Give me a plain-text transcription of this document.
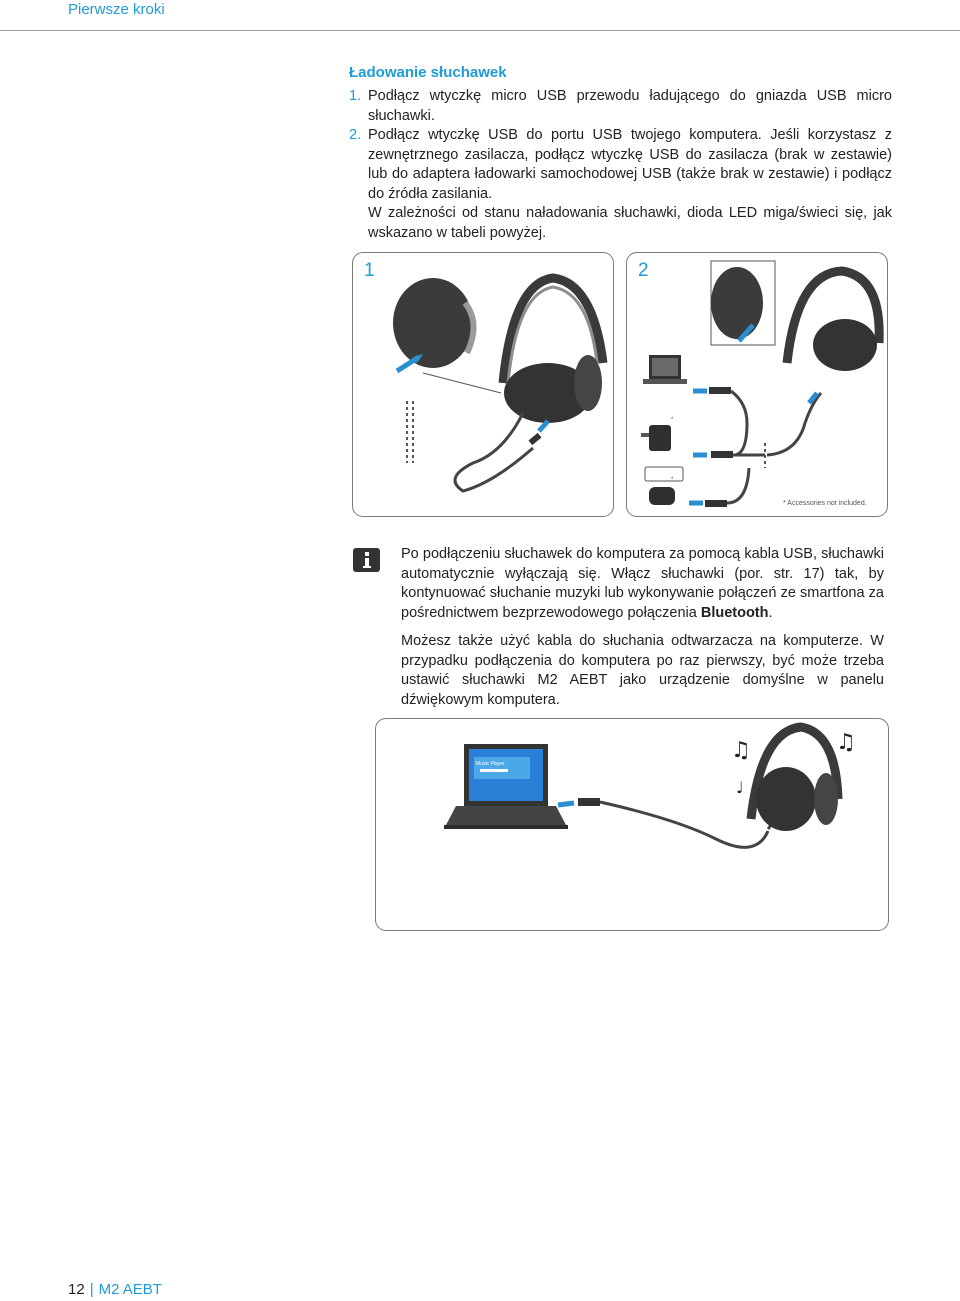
Pierwsze kroki
Ładowanie słuchawek
1. Podłącz wtyczkę micro USB przewodu ładującego do gniazda USB micro słuchawki.
2. Podłącz wtyczkę USB do portu USB twojego komputera. Jeśli korzystasz z zewnętrznego zasilacza, podłącz wtyczkę USB do zasilacza (brak w zestawie) lub do adaptera ładowarki samochodowej USB (także brak w zestawie) i podłącz do źródła zasilania.
W zależności od stanu naładowania słuchawki, dioda LED miga/świeci się, jak wskazano w tabeli powyżej.
1	2
* Accessories not included.
*
*
Po podłączeniu słuchawek do komputera za pomocą kabla USB, słuchawki automatycznie wyłączają się. Włącz słuchawki (por. str. 17) tak, by kontynuować słuchanie muzyki lub wykonywanie połączeń ze smartfona za pośrednictwem bezprzewodowego połączenia Bluetooth.
Możesz także użyć kabla do słuchania odtwarzacza na komputerze. W przypadku podłączenia do komputera po raz pierwszy, być może trzeba ustawić słuchawki M2 AEBT jako urządzenie domyślne w panelu dźwiękowym komputera.
Music Player
♫	♫
♩
12 | M2 AEBT
